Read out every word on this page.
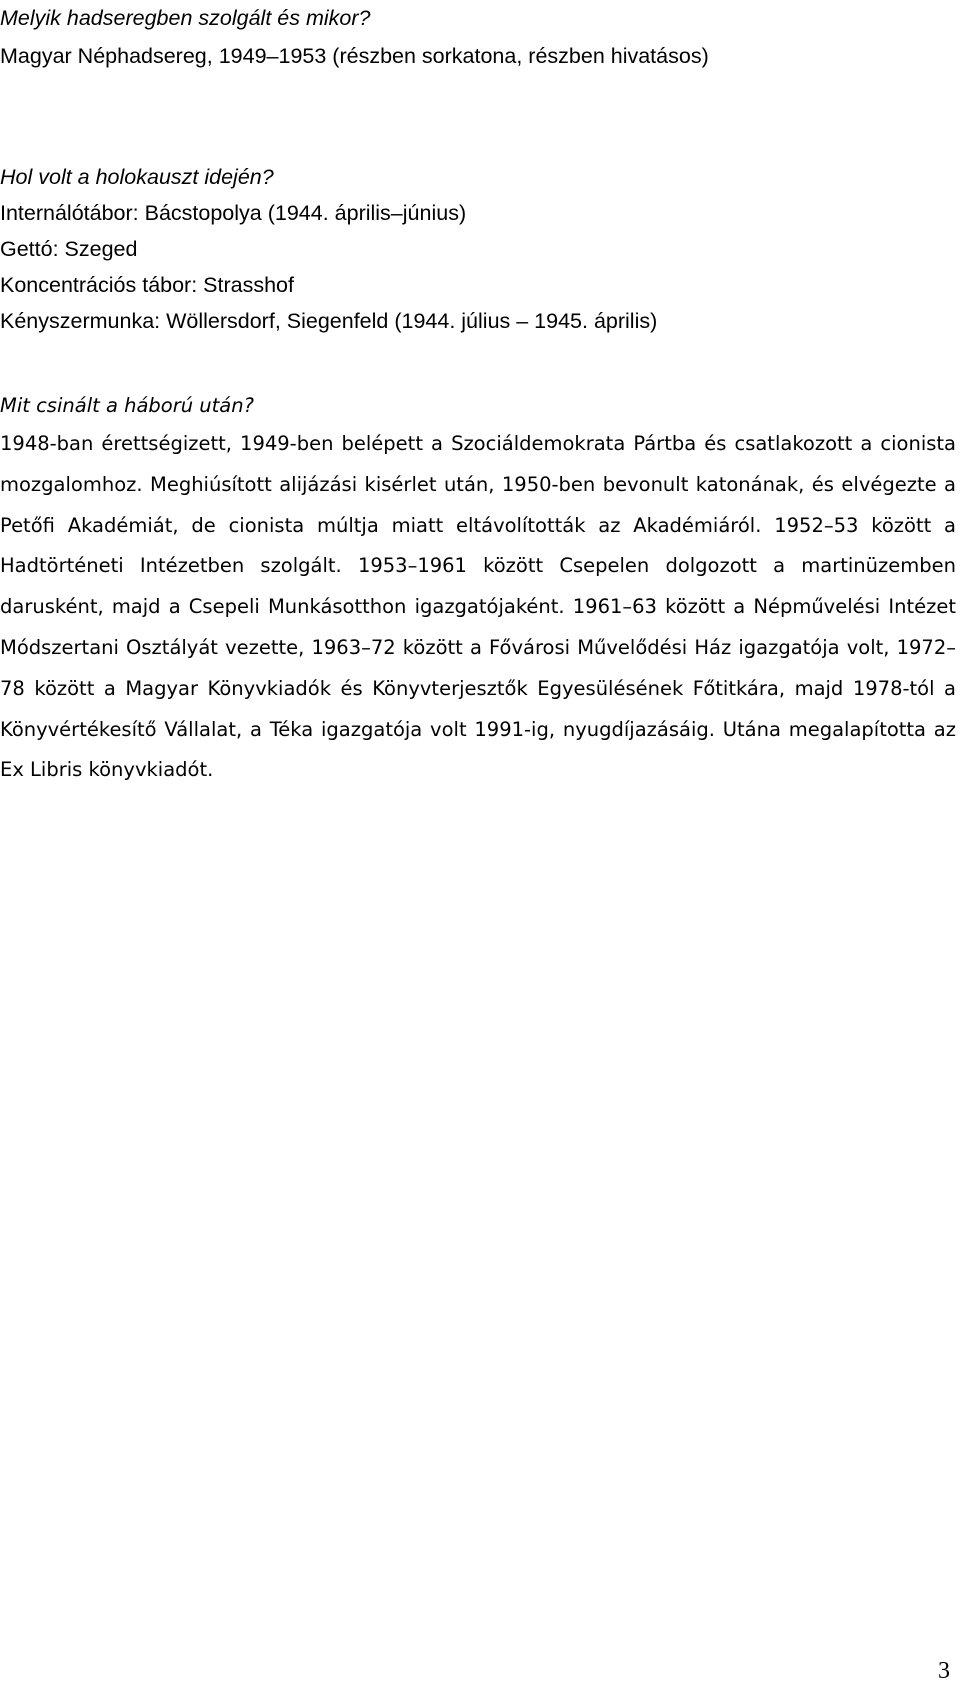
Melyik hadseregben szolgált és mikor?

Magyar Néphadsereg, 1949–1953 (részben sorkatona, részben hivatásos)

Hol volt a holokauszt idején?

Internálótábor: Bácstopolya (1944. április–június)

Gettó: Szeged

Koncentrációs tábor: Strasshof

Kényszermunka: Wöllersdorf, Siegenfeld (1944. július – 1945. április)

Mit csinált a háború után?

1948-ban érettségizett, 1949-ben belépett a Szociáldemokrata Pártba és csatlakozott a cionista mozgalomhoz. Meghiúsított alijázási kisérlet után, 1950-ben bevonult katonának, és elvégezte a Petőfi Akadémiát, de cionista múltja miatt eltávolították az Akadémiáról. 1952–53 között a Hadtörténeti Intézetben szolgált. 1953–1961 között Csepelen dolgozott a martinüzemben darusként, majd a Csepeli Munkásotthon igazgatójaként. 1961–63 között a Népművelési Intézet Módszertani Osztályát vezette, 1963–72 között a Fővárosi Művelődési Ház igazgatója volt, 1972–78 között a Magyar Könyvkiadók és Könyvterjesztők Egyesülésének Főtitkára, majd 1978-tól a Könyvértékesítő Vállalat, a Téka igazgatója volt 1991-ig, nyugdíjazásáig. Utána megalapította az Ex Libris könyvkiadót.

3
